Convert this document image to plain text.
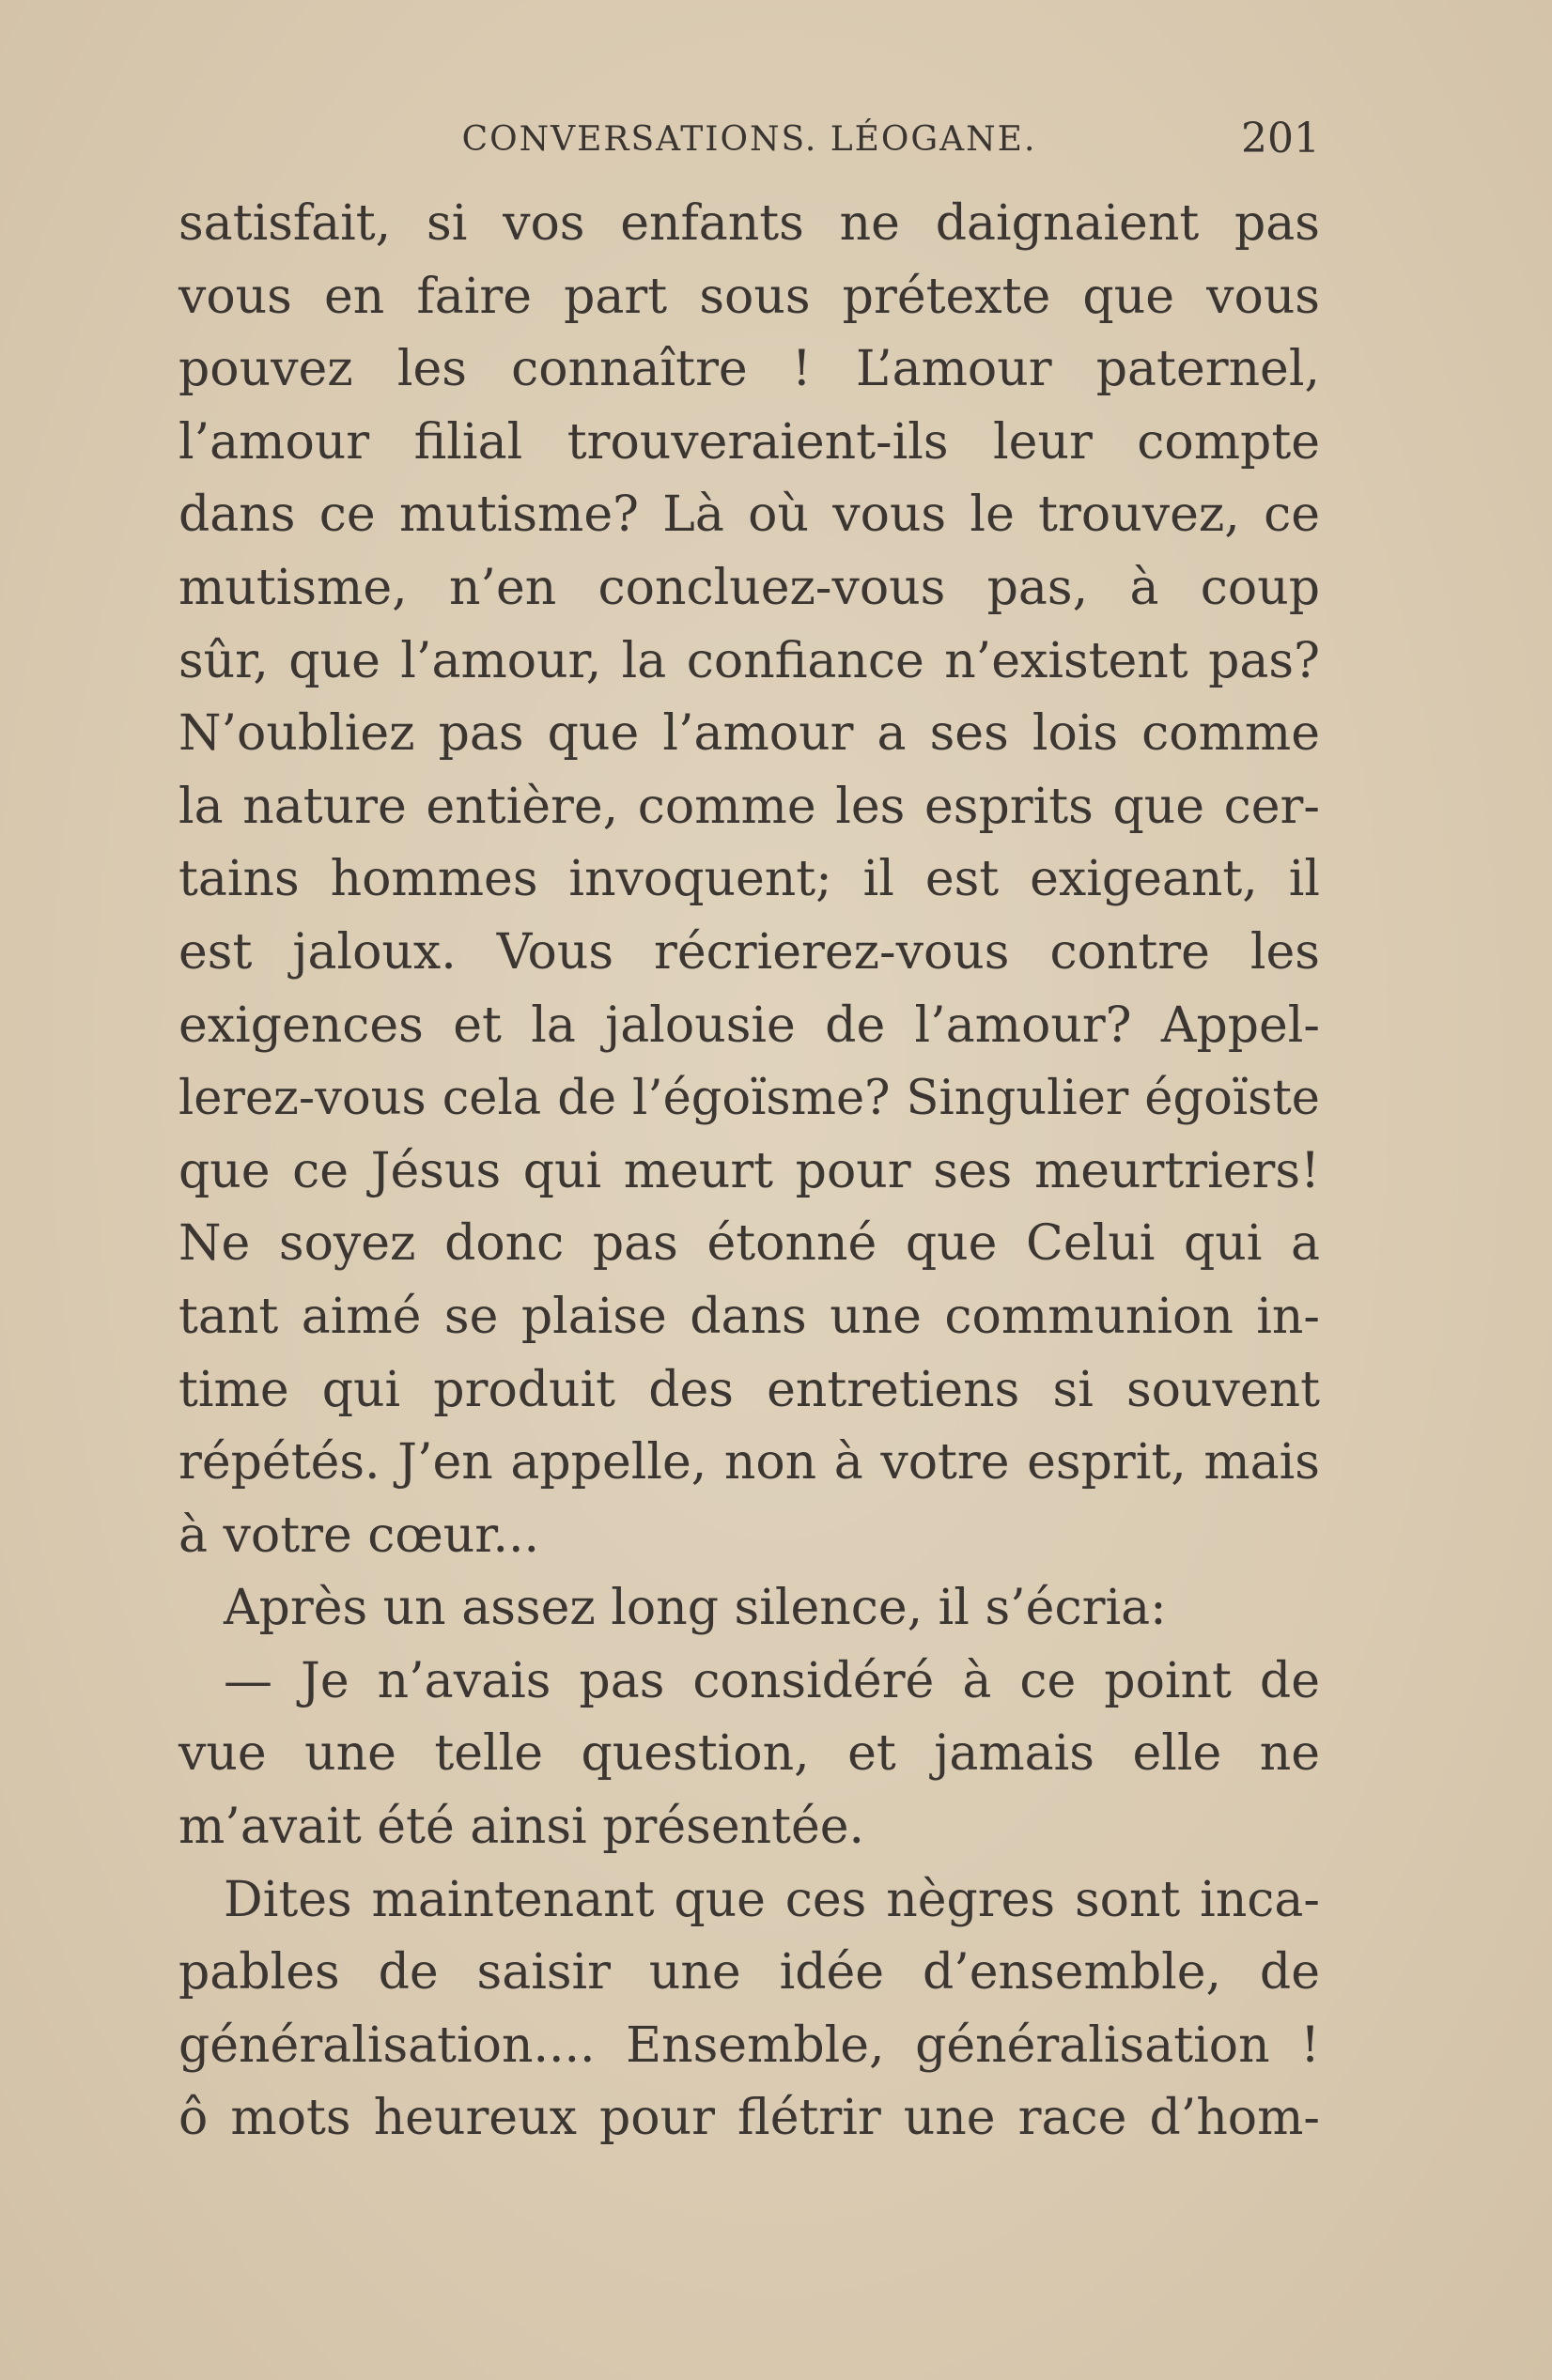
CONVERSATIONS. LÉOGANE.	201
satisfait, si vos enfants ne daignaient pas
vous en faire part sous prétexte que vous
pouvez les connaître ! L’amour paternel,
l’amour filial trouveraient-ils leur compte
dans ce mutisme? Là où vous le trouvez, ce
mutisme, n’en concluez-vous pas, à coup
sûr, que l’amour, la confiance n’existent pas?
N’oubliez pas que l’amour a ses lois comme
la nature entière, comme les esprits que cer-
tains hommes invoquent; il est exigeant, il
est jaloux. Vous récrierez-vous contre les
exigences et la jalousie de l’amour? Appel-
lerez-vous cela de l’égoïsme? Singulier égoïste
que ce Jésus qui meurt pour ses meurtriers!
Ne soyez donc pas étonné que Celui qui a
tant aimé se plaise dans une communion in-
time qui produit des entretiens si souvent
répétés. J’en appelle, non à votre esprit, mais
à votre cœur...
Après un assez long silence, il s’écria:
— Je n’avais pas considéré à ce point de
vue une telle question, et jamais elle ne
m’avait été ainsi présentée.
Dites maintenant que ces nègres sont inca-
pables de saisir une idée d’ensemble, de
généralisation.... Ensemble, généralisation !
ô mots heureux pour flétrir une race d’hom-
